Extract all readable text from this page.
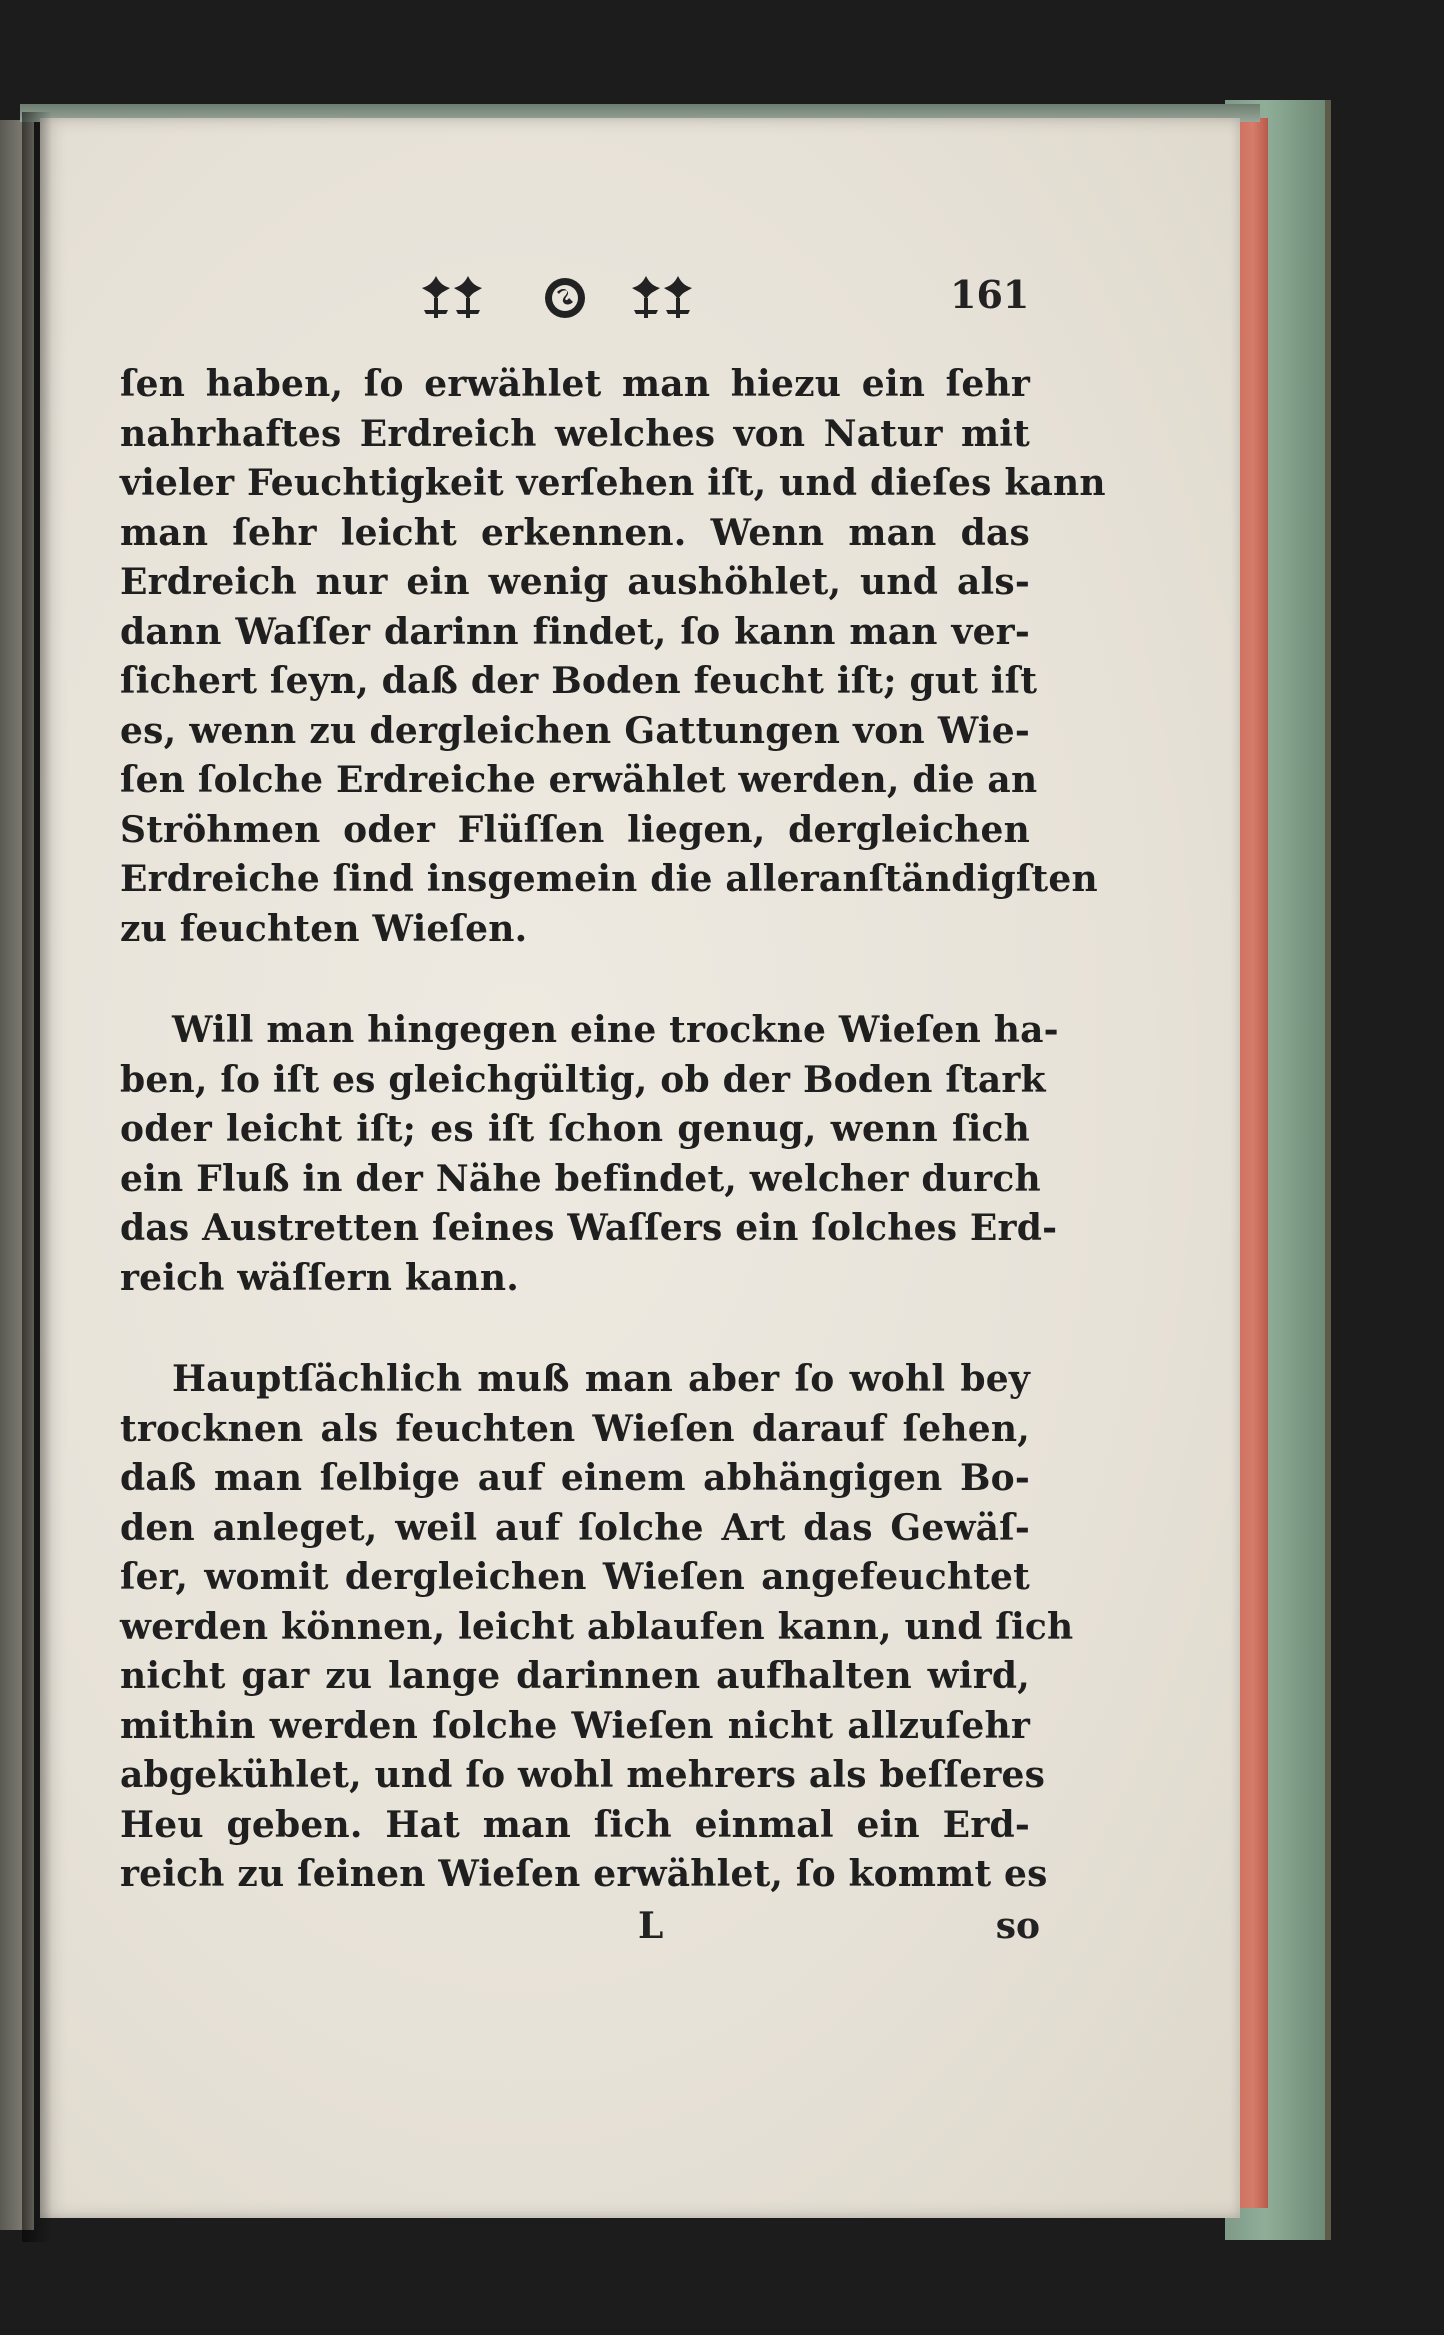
161
ſen haben, ſo erwählet man hiezu ein ſehr
nahrhaftes Erdreich welches von Natur mit
vieler Feuchtigkeit verſehen iſt, und dieſes kann
man ſehr leicht erkennen. Wenn man das
Erdreich nur ein wenig aushöhlet, und als-
dann Waſſer darinn findet, ſo kann man ver-
ſichert ſeyn, daß der Boden feucht iſt; gut iſt
es, wenn zu dergleichen Gattungen von Wie-
ſen ſolche Erdreiche erwählet werden, die an
Ströhmen oder Flüſſen liegen, dergleichen
Erdreiche ſind insgemein die alleranſtändigſten
zu feuchten Wieſen.
Will man hingegen eine trockne Wieſen ha-
ben, ſo iſt es gleichgültig, ob der Boden ſtark
oder leicht iſt; es iſt ſchon genug, wenn ſich
ein Fluß in der Nähe befindet, welcher durch
das Austretten ſeines Waſſers ein ſolches Erd-
reich wäſſern kann.
Hauptſächlich muß man aber ſo wohl bey
trocknen als feuchten Wieſen darauf ſehen,
daß man ſelbige auf einem abhängigen Bo-
den anleget, weil auf ſolche Art das Gewäſ-
ſer, womit dergleichen Wieſen angefeuchtet
werden können, leicht ablaufen kann, und ſich
nicht gar zu lange darinnen aufhalten wird,
mithin werden ſolche Wieſen nicht allzuſehr
abgekühlet, und ſo wohl mehrers als beſſeres
Heu geben. Hat man ſich einmal ein Erd-
reich zu ſeinen Wieſen erwählet, ſo kommt es
L	so
